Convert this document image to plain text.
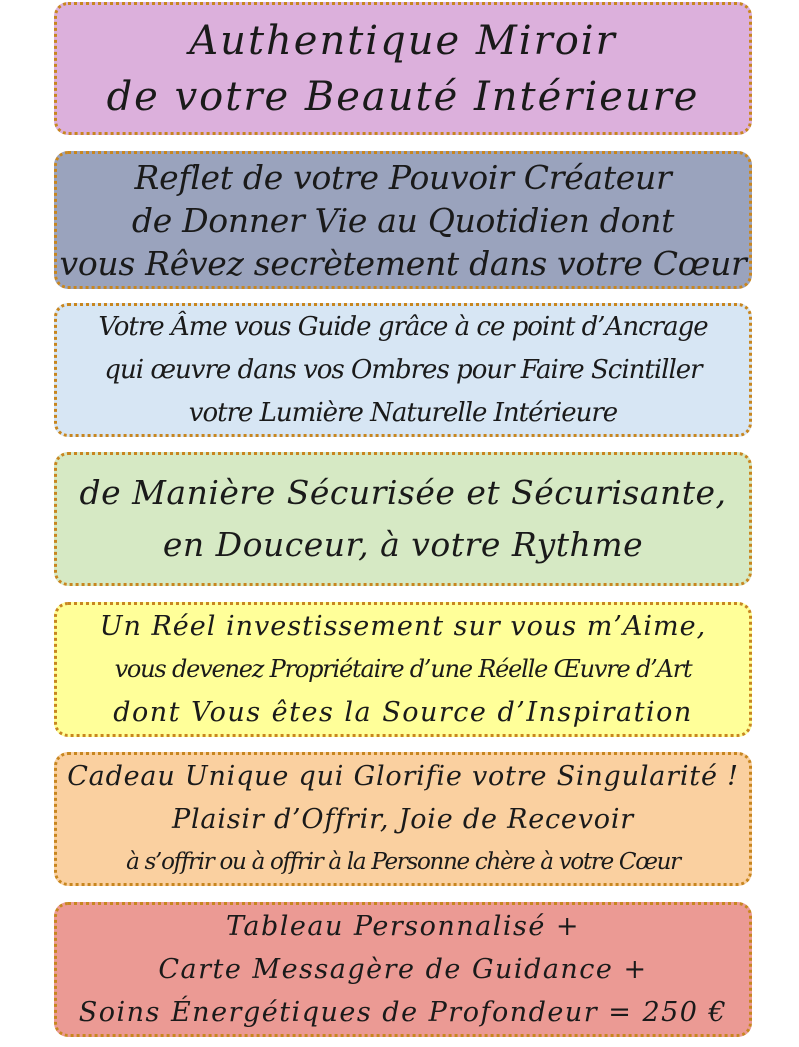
Authentique Miroir
de votre Beauté Intérieure
Reflet de votre Pouvoir Créateur
de Donner Vie au Quotidien dont
vous Rêvez secrètement dans votre Cœur
Votre Âme vous Guide grâce à ce point d’Ancrage
qui œuvre dans vos Ombres pour Faire Scintiller
votre Lumière Naturelle Intérieure
de Manière Sécurisée et Sécurisante,
en Douceur, à votre Rythme
Un Réel investissement sur vous m’Aime,
vous devenez Propriétaire d’une Réelle Œuvre d’Art
dont Vous êtes la Source d’Inspiration
Cadeau Unique qui Glorifie votre Singularité !
Plaisir d’Offrir, Joie de Recevoir
à s’offrir ou à offrir à la Personne chère à votre Cœur
Tableau Personnalisé +
Carte Messagère de Guidance +
Soins Énergétiques de Profondeur = 250 €
